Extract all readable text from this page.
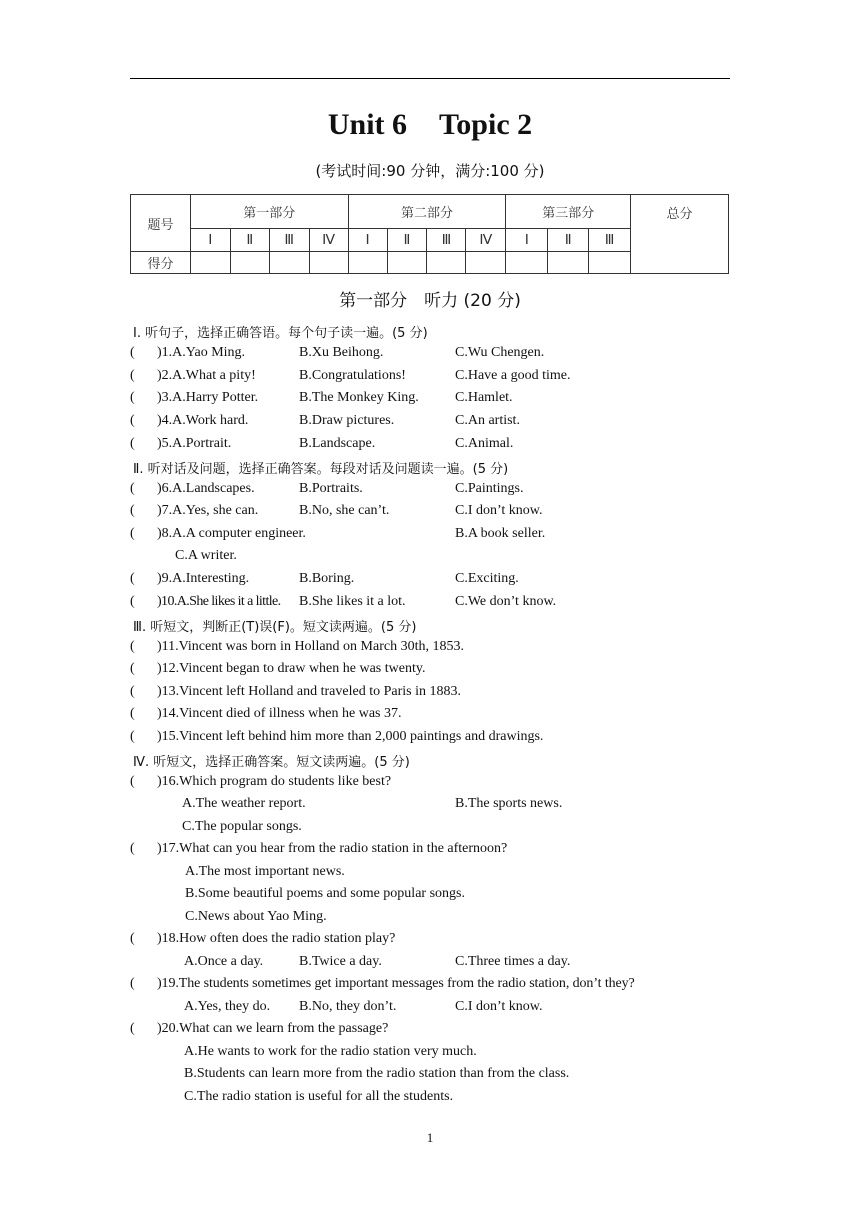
Unit 6 Topic 2
(考试时间:90 分钟，满分:100 分)
题号	第一部分				第二部分				第三部分			总分
	Ⅰ	Ⅱ	Ⅲ	Ⅳ	Ⅰ	Ⅱ	Ⅲ	Ⅳ	Ⅰ	Ⅱ	Ⅲ	
得分												
第一部分　听力 (20 分)
Ⅰ. 听句子，选择正确答语。每个句子读一遍。(5 分)
( )1.A.Yao Ming.	B.Xu Beihong.	C.Wu Chengen.
( )2.A.What a pity!	B.Congratulations!	C.Have a good time.
( )3.A.Harry Potter.	B.The Monkey King.	C.Hamlet.
( )4.A.Work hard.	B.Draw pictures.	C.An artist.
( )5.A.Portrait.	B.Landscape.	C.Animal.
Ⅱ. 听对话及问题，选择正确答案。每段对话及问题读一遍。(5 分)
( )6.A.Landscapes.	B.Portraits.	C.Paintings.
( )7.A.Yes, she can.	B.No, she can’t.	C.I don’t know.
( )8.A.A computer engineer.	B.A book seller.
C.A writer.
( )9.A.Interesting.	B.Boring.	C.Exciting.
( )10.A.She likes it a little. B.She likes it a lot.	C.We don’t know.
Ⅲ. 听短文，判断正(T)误(F)。短文读两遍。(5 分)
( )11.Vincent was born in Holland on March 30th, 1853.
( )12.Vincent began to draw when he was twenty.
( )13.Vincent left Holland and traveled to Paris in 1883.
( )14.Vincent died of illness when he was 37.
( )15.Vincent left behind him more than 2,000 paintings and drawings.
Ⅳ. 听短文，选择正确答案。短文读两遍。(5 分)
( )16.Which program do students like best?
A.The weather report.	B.The sports news.
C.The popular songs.
( )17.What can you hear from the radio station in the afternoon?
A.The most important news.
B.Some beautiful poems and some popular songs.
C.News about Yao Ming.
( )18.How often does the radio station play?
A.Once a day.	B.Twice a day.	C.Three times a day.
( )19.The students sometimes get important messages from the radio station, don’t they?
A.Yes, they do. B.No, they don’t.	C.I don’t know.
( )20.What can we learn from the passage?
A.He wants to work for the radio station very much.
B.Students can learn more from the radio station than from the class.
C.The radio station is useful for all the students.
1
